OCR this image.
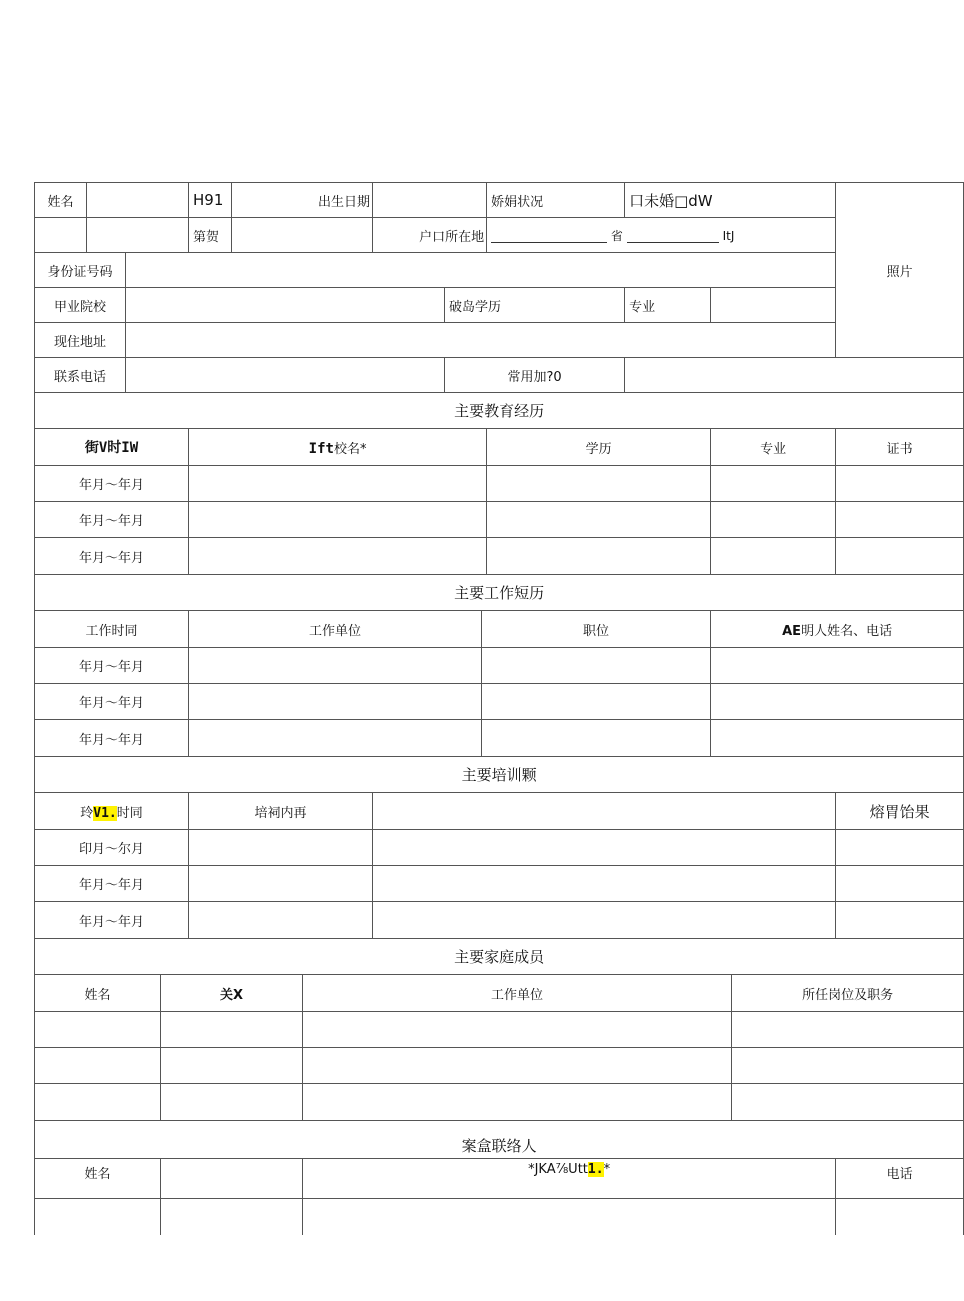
姓名				H91	出生日期					娇娟状况	口未婚□dW			照片
				第贺			户口所在地			省 ItJ				
身份证号码														
甲业院校								破岛学历			专业			
现住地址														
联系电话								常用加?0						
主要教育经历														
街V时IW				Ift校名*						学历		专业		证书
年月〜年月														
年月〜年月														
年月〜年月														
主要工作短历														
工作时同				工作单位					职位			AE明人姓名、电话		
年月〜年月														
年月〜年月														
年月〜年月														
主要培训颗														
玲V1.时同				培祠内再										熔胃饴果
印月〜尔月														
年月〜年月														
年月〜年月														
主要家庭成员														
姓名			关X			工作单位							所任岗位及职务	

案盒联络人														
姓名						*JKA⅞Utt1.*								电话
